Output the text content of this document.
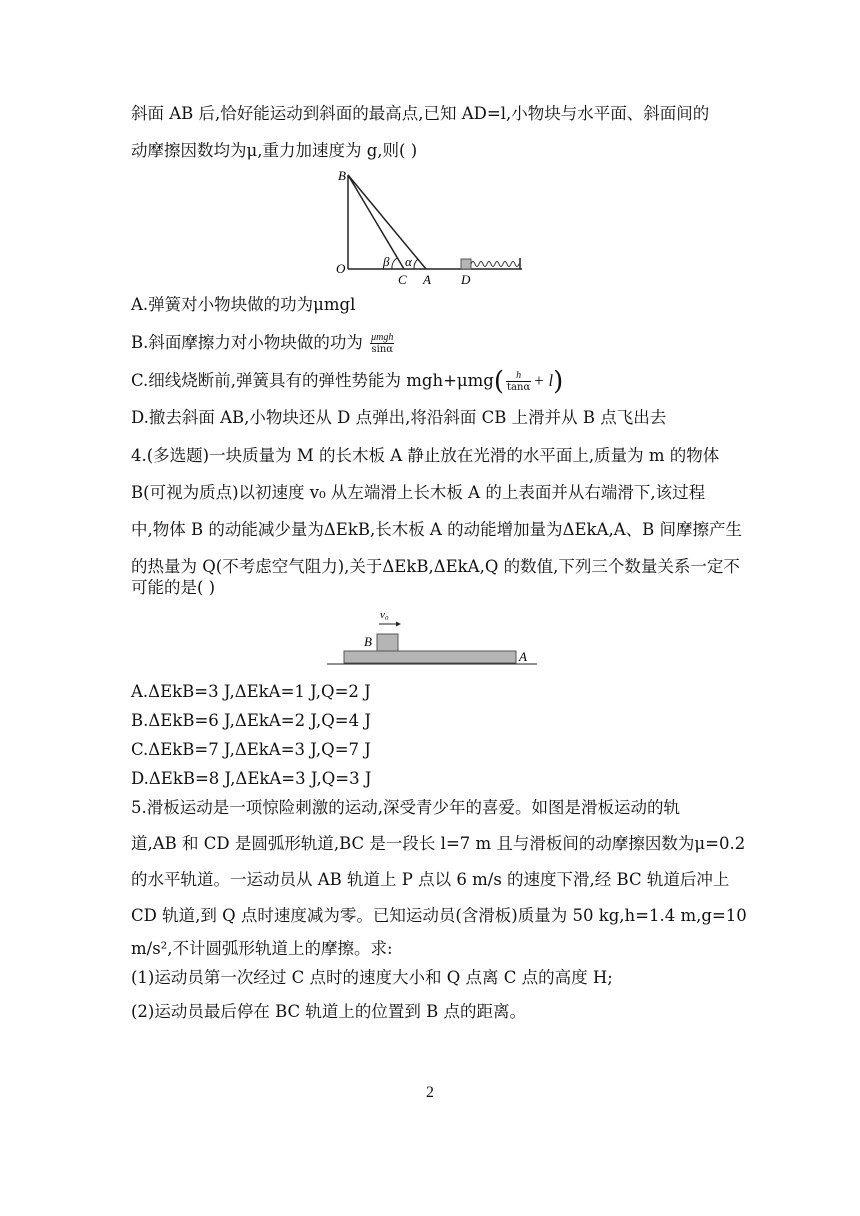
斜面 AB 后,恰好能运动到斜面的最高点,已知 AD=l,小物块与水平面、斜面间的
动摩擦因数均为μ,重力加速度为 g,则( )
B
O	β α
C A D
A.弹簧对小物块做的功为μmgl
B.斜面摩擦力对小物块做的功为 $\frac{\text{μmgh}}{\sin\alpha}$
C.细线烧断前,弹簧具有的弹性势能为 $mgh+\mu mg( \frac{h}{\tan\alpha} + l)$
D.撤去斜面 AB,小物块还从 D 点弹出,将沿斜面 CB 上滑并从 B 点飞出去
4.(多选题)一块质量为 M 的长木板 A 静止放在光滑的水平面上,质量为 m 的物体
B(可视为质点)以初速度 v₀ 从左端滑上长木板 A 的上表面并从右端滑下,该过程
中,物体 B 的动能减少量为ΔEkB,长木板 A 的动能增加量为ΔEkA,A、B 间摩擦产生
的热量为 Q(不考虑空气阻力),关于ΔEkB,ΔEkA,Q 的数值,下列三个数量关系一定不
可能的是( )
v₀
B
A
A.ΔEkB=3 J,ΔEkA=1 J,Q=2 J
B.ΔEkB=6 J,ΔEkA=2 J,Q=4 J
C.ΔEkB=7 J,ΔEkA=3 J,Q=7 J
D.ΔEkB=8 J,ΔEkA=3 J,Q=3 J
5.滑板运动是一项惊险刺激的运动,深受青少年的喜爱。如图是滑板运动的轨
道,AB 和 CD 是圆弧形轨道,BC 是一段长 l=7 m 且与滑板间的动摩擦因数为μ=0.2
的水平轨道。一运动员从 AB 轨道上 P 点以 6 m/s 的速度下滑,经 BC 轨道后冲上
CD 轨道,到 Q 点时速度减为零。已知运动员(含滑板)质量为 50 kg,h=1.4 m,g=10
m/s²,不计圆弧形轨道上的摩擦。求:
(1)运动员第一次经过 C 点时的速度大小和 Q 点离 C 点的高度 H;
(2)运动员最后停在 BC 轨道上的位置到 B 点的距离。
2
